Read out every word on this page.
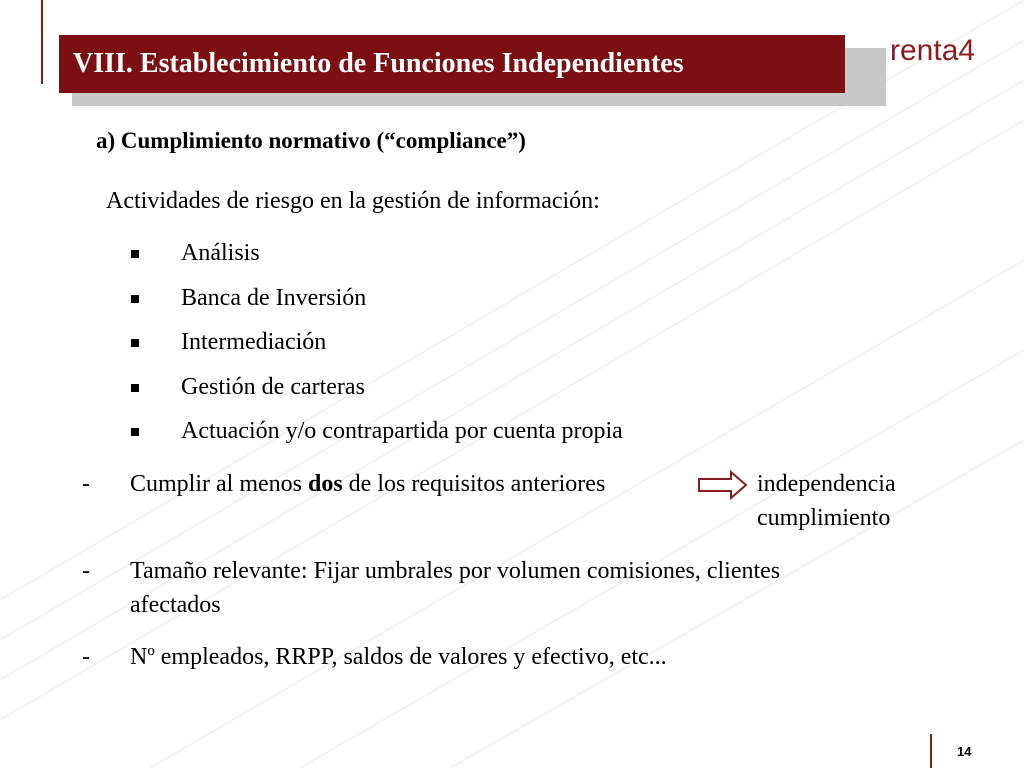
VIII. Establecimiento de Funciones Independientes	renta4
a) Cumplimiento normativo (“compliance”)
Actividades de riesgo en la gestión de información:
Análisis
Banca de Inversión
Intermediación
Gestión de carteras
Actuación y/o contrapartida por cuenta propia
- Cumplir al menos dos de los requisitos anteriores	independencia
cumplimiento
- Tamaño relevante: Fijar umbrales por volumen comisiones, clientes
afectados
- Nº empleados, RRPP, saldos de valores y efectivo, etc...
14
